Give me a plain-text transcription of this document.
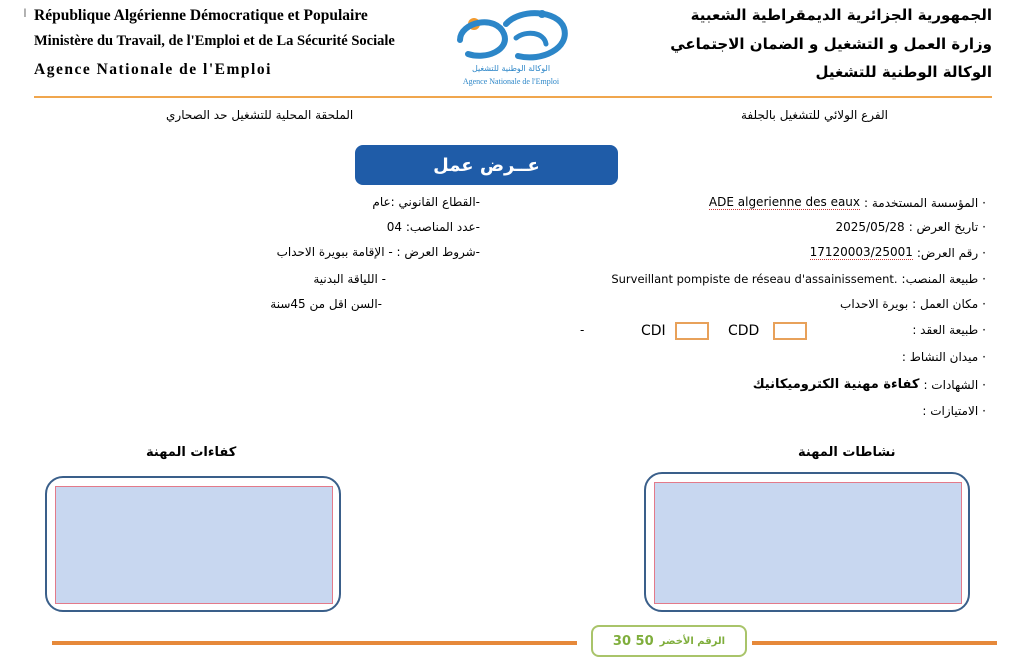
| République Algérienne Démocratique et Populaire
Ministère du Travail, de l'Emploi et de La Sécurité Sociale
Agence Nationale de l'Emploi	الوكالة الوطنية للتشغيل
Agence Nationale de l'Emploi
الجمهورية الجزائرية الديمقراطية الشعبية
وزارة العمل و التشغيل و الضمان الاجتماعي
الوكالة الوطنية للتشغيل
الفرع الولائي للتشغيل بالجلفة
الملحقة المحلية للتشغيل حد الصحاري
عــرض عمل
·
المؤسسة المستخدمة :
ADE algerienne des eaux
·
تاريخ العرض :
2025/05/28
·
رقم العرض:
17120003/25001
·
طبيعة المنصب:
Surveillant pompiste de réseau d'assainissement.
·
مكان العمل :
بويرة الاحداب
·
طبيعة العقد :
CDD
CDI
-
·
ميدان النشاط :
·
الشهادات :
كفاءة مهنية الكتروميكانيك
·
الامتيازات :
-القطاع القانوني :عام
-عدد المناصب: 04
-شروط العرض : - الإقامة ببويرة الاحداب
- اللياقة البدنية
-السن اقل من 45سنة
نشاطات المهنة
كفاءات المهنة
الرقم الأخضر
30 50
